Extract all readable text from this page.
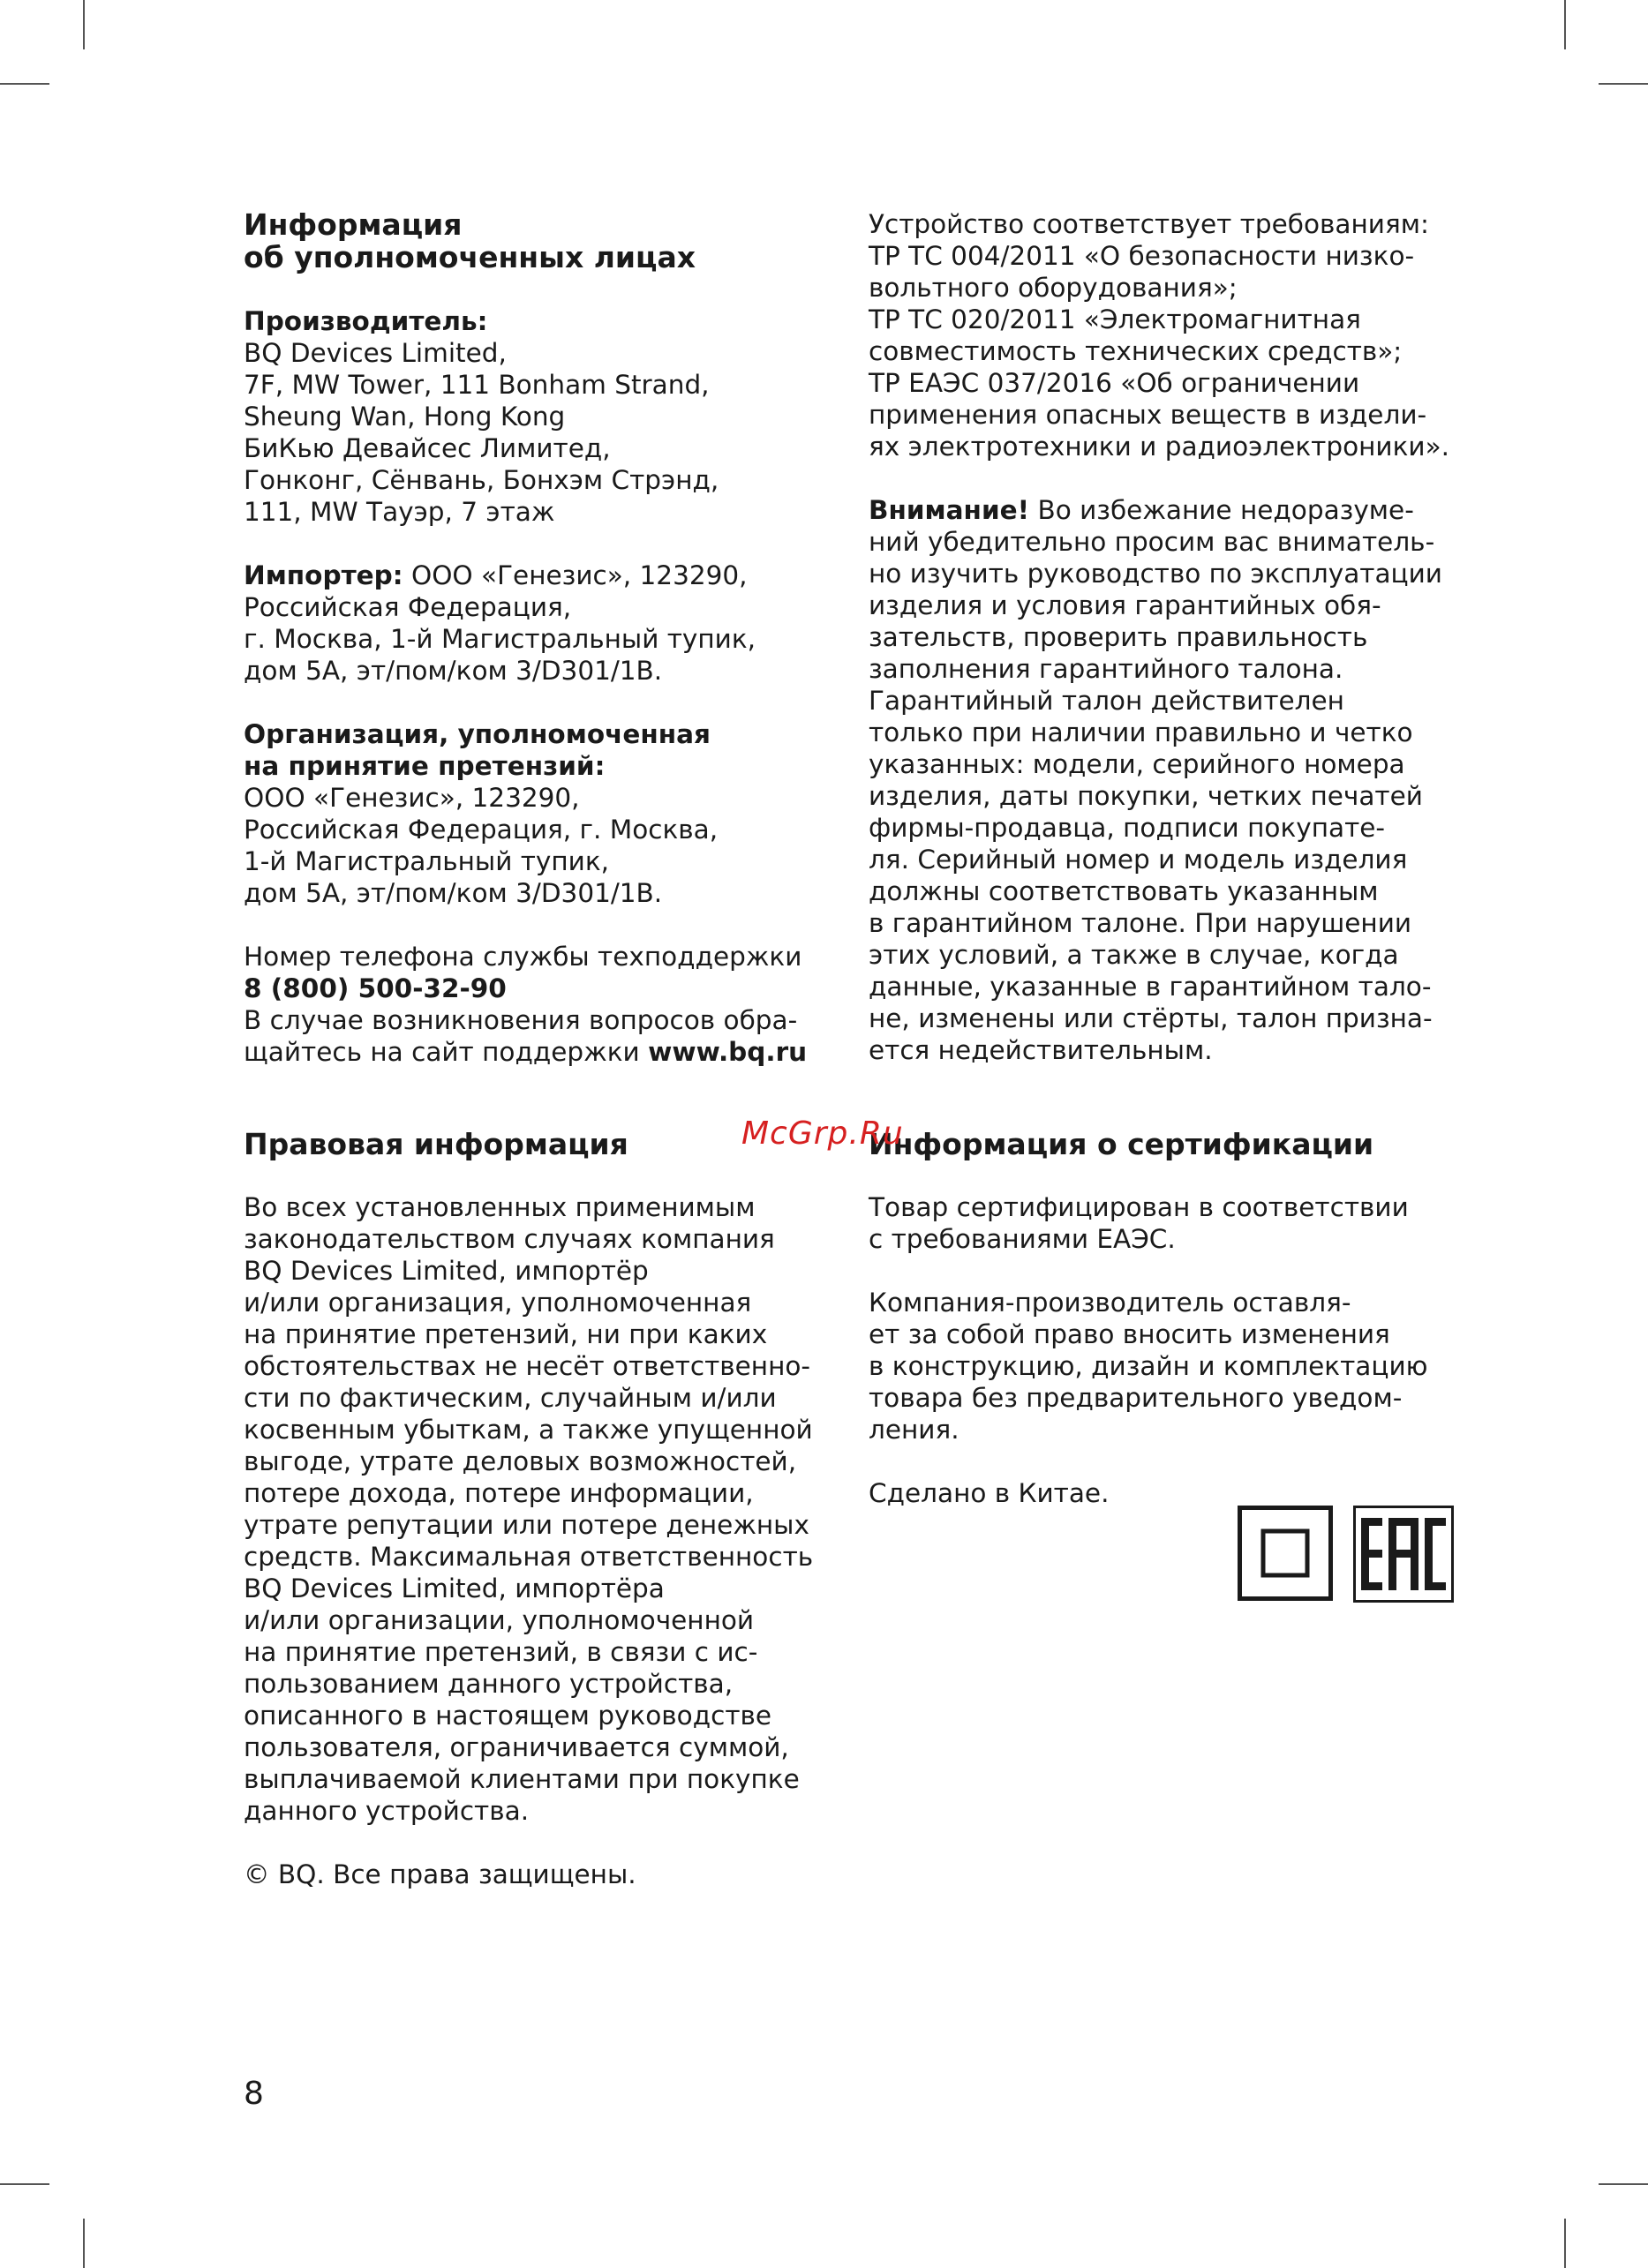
Информация
об уполномоченных лицах

Производитель:
BQ Devices Limited,
7F, MW Tower, 111 Bonham Strand,
Sheung Wan, Hong Kong
БиКью Девайсес Лимитед,
Гонконг, Сёнвань, Бонхэм Стрэнд,
111, MW Тауэр, 7 этаж

Импортер: ООО «Генезис», 123290,
Российская Федерация,
г. Москва, 1-й Магистральный тупик,
дом 5А, эт/пом/ком 3/D301/1В.

Организация, уполномоченная
на принятие претензий:
ООО «Генезис», 123290,
Российская Федерация, г. Москва,
1-й Магистральный тупик,
дом 5А, эт/пом/ком 3/D301/1В.

Номер телефона службы техподдержки
8 (800) 500-32-90
В случае возникновения вопросов обра-
щайтесь на сайт поддержки www.bq.ru

Устройство соответствует требованиям:
ТР ТС 004/2011 «О безопасности низко-
вольтного оборудования»;
ТР ТС 020/2011 «Электромагнитная
совместимость технических средств»;
ТР ЕАЭС 037/2016 «Об ограничении
применения опасных веществ в издели-
ях электротехники и радиоэлектроники».

Внимание! Во избежание недоразуме-
ний убедительно просим вас вниматель-
но изучить руководство по эксплуатации
изделия и условия гарантийных обя-
зательств, проверить правильность
заполнения гарантийного талона.
Гарантийный талон действителен
только при наличии правильно и четко
указанных: модели, серийного номера
изделия, даты покупки, четких печатей
фирмы-продавца, подписи покупате-
ля. Серийный номер и модель изделия
должны соответствовать указанным
в гарантийном талоне. При нарушении
этих условий, а также в случае, когда
данные, указанные в гарантийном тало-
не, изменены или стёрты, талон призна-
ется недействительным.

Правовая информация

Во всех установленных применимым
законодательством случаях компания
BQ Devices Limited, импортёр
и/или организация, уполномоченная
на принятие претензий, ни при каких
обстоятельствах не несёт ответственно-
сти по фактическим, случайным и/или
косвенным убыткам, а также упущенной
выгоде, утрате деловых возможностей,
потере дохода, потере информации,
утрате репутации или потере денежных
средств. Максимальная ответственность
BQ Devices Limited, импортёра
и/или организации, уполномоченной
на принятие претензий, в связи с ис-
пользованием данного устройства,
описанного в настоящем руководстве
пользователя, ограничивается суммой,
выплачиваемой клиентами при покупке
данного устройства.

© BQ. Все права защищены.

Информация о сертификации

Товар сертифицирован в соответствии
с требованиями ЕАЭС.

Компания-производитель оставля-
ет за собой право вносить изменения
в конструкцию, дизайн и комплектацию
товара без предварительного уведом-
ления.

Сделано в Китае.

McGrp.Ru
8
